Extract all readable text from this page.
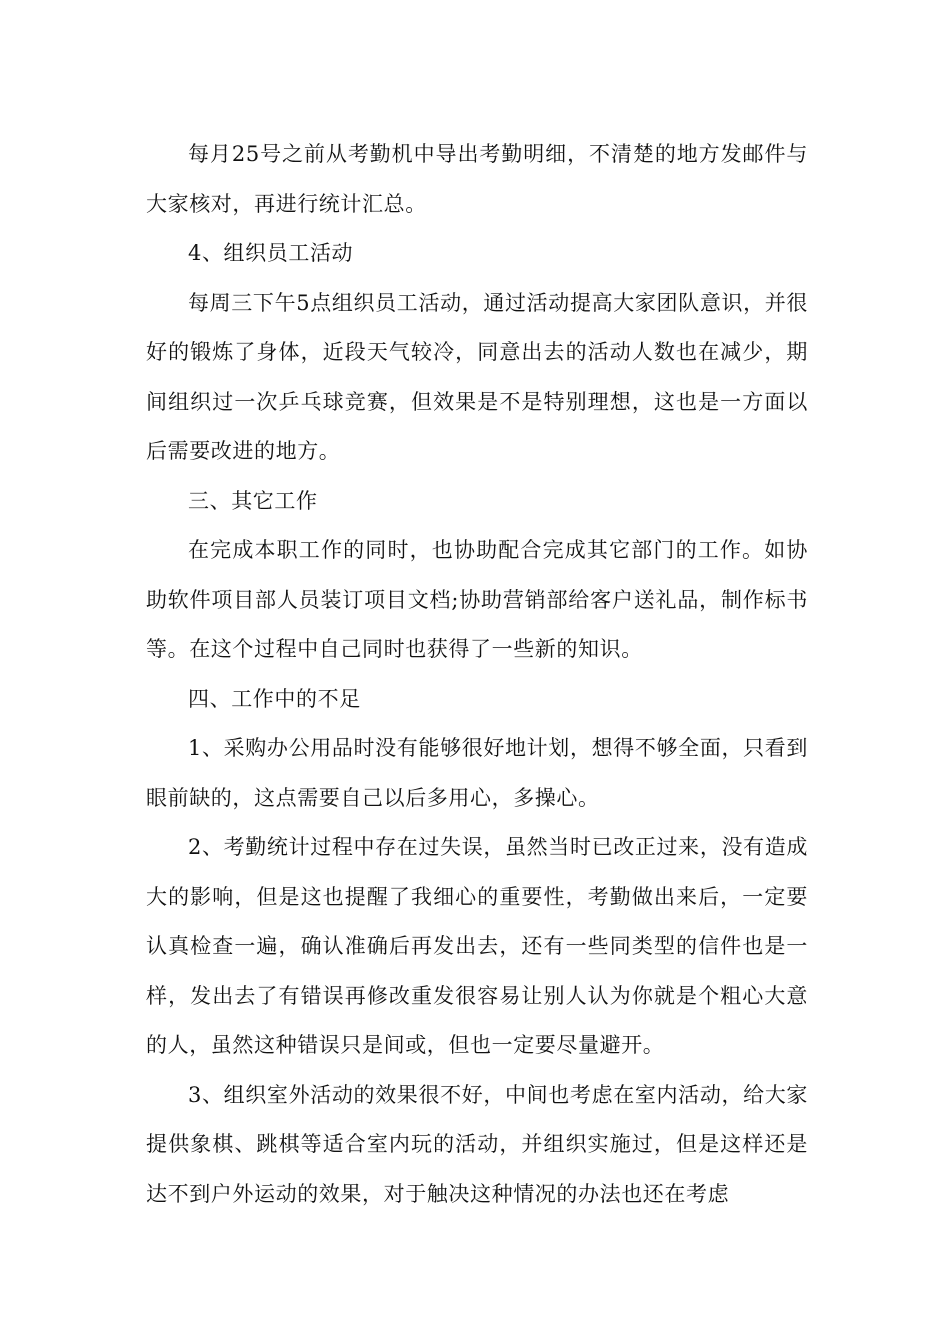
每月25号之前从考勤机中导出考勤明细，不清楚的地方发邮件与大家核对，再进行统计汇总。

4、组织员工活动

每周三下午5点组织员工活动，通过活动提高大家团队意识，并很好的锻炼了身体，近段天气较冷，同意出去的活动人数也在减少，期间组织过一次乒乓球竞赛，但效果是不是特别理想，这也是一方面以后需要改进的地方。

三、其它工作

在完成本职工作的同时，也协助配合完成其它部门的工作。如协助软件项目部人员装订项目文档;协助营销部给客户送礼品，制作标书等。在这个过程中自己同时也获得了一些新的知识。

四、工作中的不足

1、采购办公用品时没有能够很好地计划，想得不够全面，只看到眼前缺的，这点需要自己以后多用心，多操心。

2、考勤统计过程中存在过失误，虽然当时已改正过来，没有造成大的影响，但是这也提醒了我细心的重要性，考勤做出来后，一定要认真检查一遍，确认准确后再发出去，还有一些同类型的信件也是一样，发出去了有错误再修改重发很容易让别人认为你就是个粗心大意的人，虽然这种错误只是间或，但也一定要尽量避开。

3、组织室外活动的效果很不好，中间也考虑在室内活动，给大家提供象棋、跳棋等适合室内玩的活动，并组织实施过，但是这样还是达不到户外运动的效果，对于触决这种情况的办法也还在考虑
